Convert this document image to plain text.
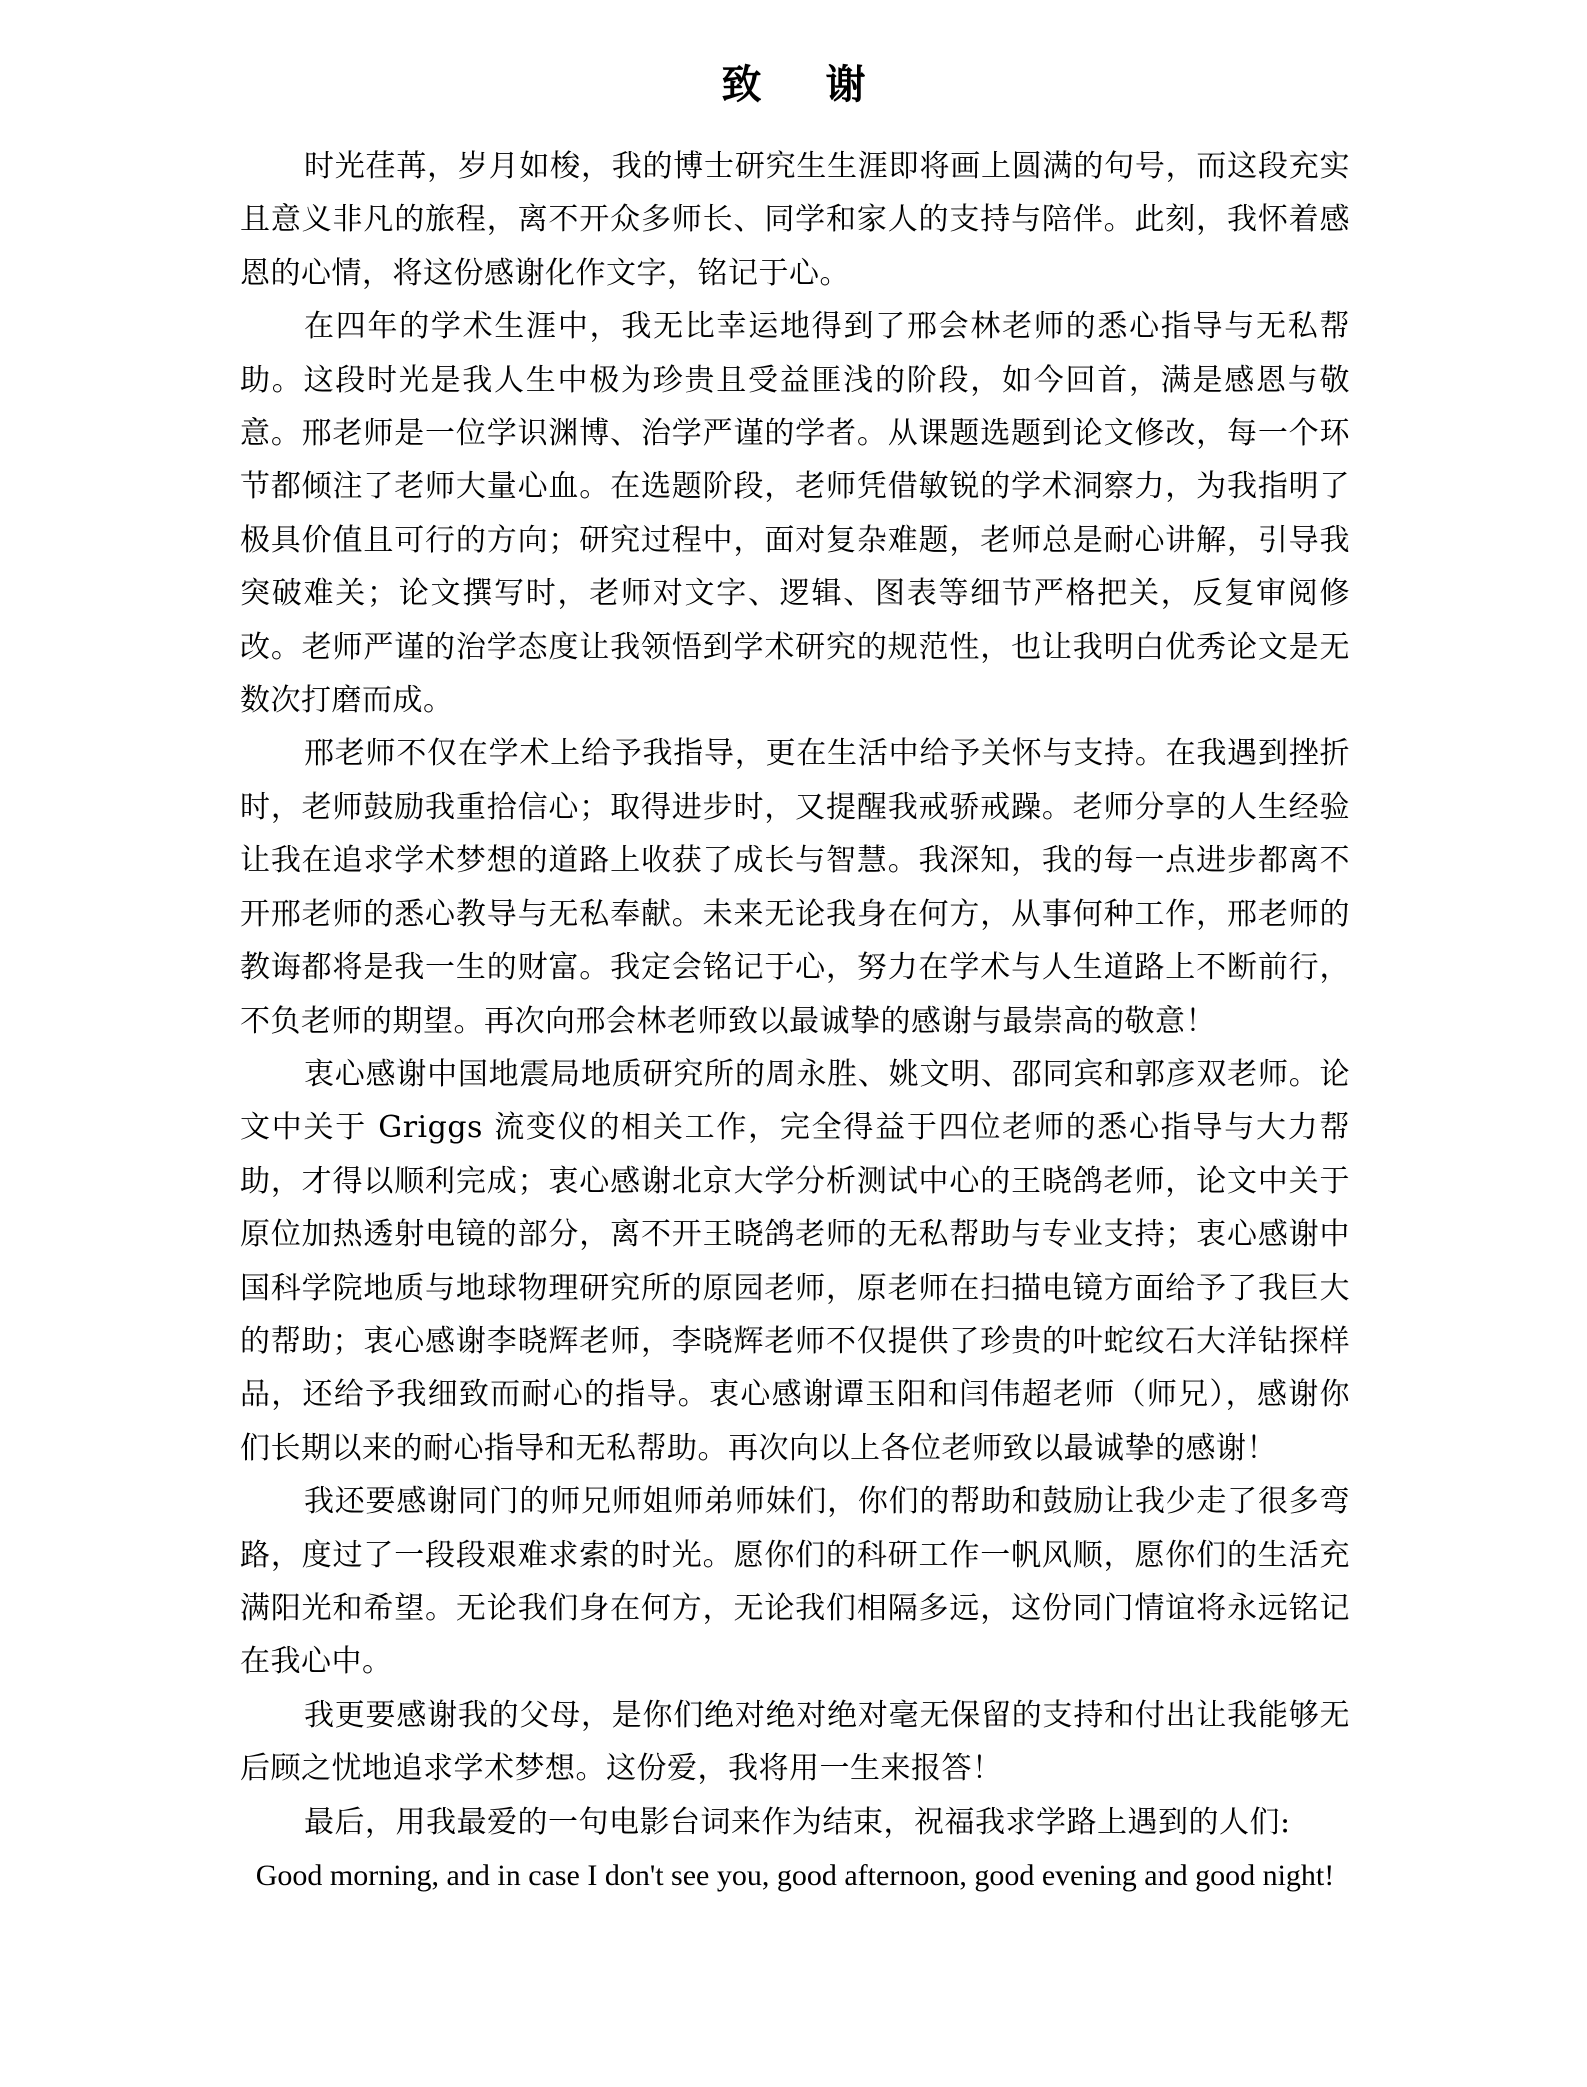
致谢

时光荏苒，岁月如梭，我的博士研究生生涯即将画上圆满的句号，而这段充实且意义非凡的旅程，离不开众多师长、同学和家人的支持与陪伴。此刻，我怀着感恩的心情，将这份感谢化作文字，铭记于心。

在四年的学术生涯中，我无比幸运地得到了邢会林老师的悉心指导与无私帮助。这段时光是我人生中极为珍贵且受益匪浅的阶段，如今回首，满是感恩与敬意。邢老师是一位学识渊博、治学严谨的学者。从课题选题到论文修改，每一个环节都倾注了老师大量心血。在选题阶段，老师凭借敏锐的学术洞察力，为我指明了极具价值且可行的方向；研究过程中，面对复杂难题，老师总是耐心讲解，引导我突破难关；论文撰写时，老师对文字、逻辑、图表等细节严格把关，反复审阅修改。老师严谨的治学态度让我领悟到学术研究的规范性，也让我明白优秀论文是无数次打磨而成。

邢老师不仅在学术上给予我指导，更在生活中给予关怀与支持。在我遇到挫折时，老师鼓励我重拾信心；取得进步时，又提醒我戒骄戒躁。老师分享的人生经验让我在追求学术梦想的道路上收获了成长与智慧。我深知，我的每一点进步都离不开邢老师的悉心教导与无私奉献。未来无论我身在何方，从事何种工作，邢老师的教诲都将是我一生的财富。我定会铭记于心，努力在学术与人生道路上不断前行，不负老师的期望。再次向邢会林老师致以最诚挚的感谢与最崇高的敬意！

衷心感谢中国地震局地质研究所的周永胜、姚文明、邵同宾和郭彦双老师。论文中关于 Griggs 流变仪的相关工作，完全得益于四位老师的悉心指导与大力帮助，才得以顺利完成；衷心感谢北京大学分析测试中心的王晓鸽老师，论文中关于原位加热透射电镜的部分，离不开王晓鸽老师的无私帮助与专业支持；衷心感谢中国科学院地质与地球物理研究所的原园老师，原老师在扫描电镜方面给予了我巨大的帮助；衷心感谢李晓辉老师，李晓辉老师不仅提供了珍贵的叶蛇纹石大洋钻探样品，还给予我细致而耐心的指导。衷心感谢谭玉阳和闫伟超老师（师兄），感谢你们长期以来的耐心指导和无私帮助。再次向以上各位老师致以最诚挚的感谢！

我还要感谢同门的师兄师姐师弟师妹们，你们的帮助和鼓励让我少走了很多弯路，度过了一段段艰难求索的时光。愿你们的科研工作一帆风顺，愿你们的生活充满阳光和希望。无论我们身在何方，无论我们相隔多远，这份同门情谊将永远铭记在我心中。

我更要感谢我的父母，是你们绝对绝对绝对毫无保留的支持和付出让我能够无后顾之忧地追求学术梦想。这份爱，我将用一生来报答！

最后，用我最爱的一句电影台词来作为结束，祝福我求学路上遇到的人们:

Good morning, and in case I don't see you, good afternoon, good evening and good night!
